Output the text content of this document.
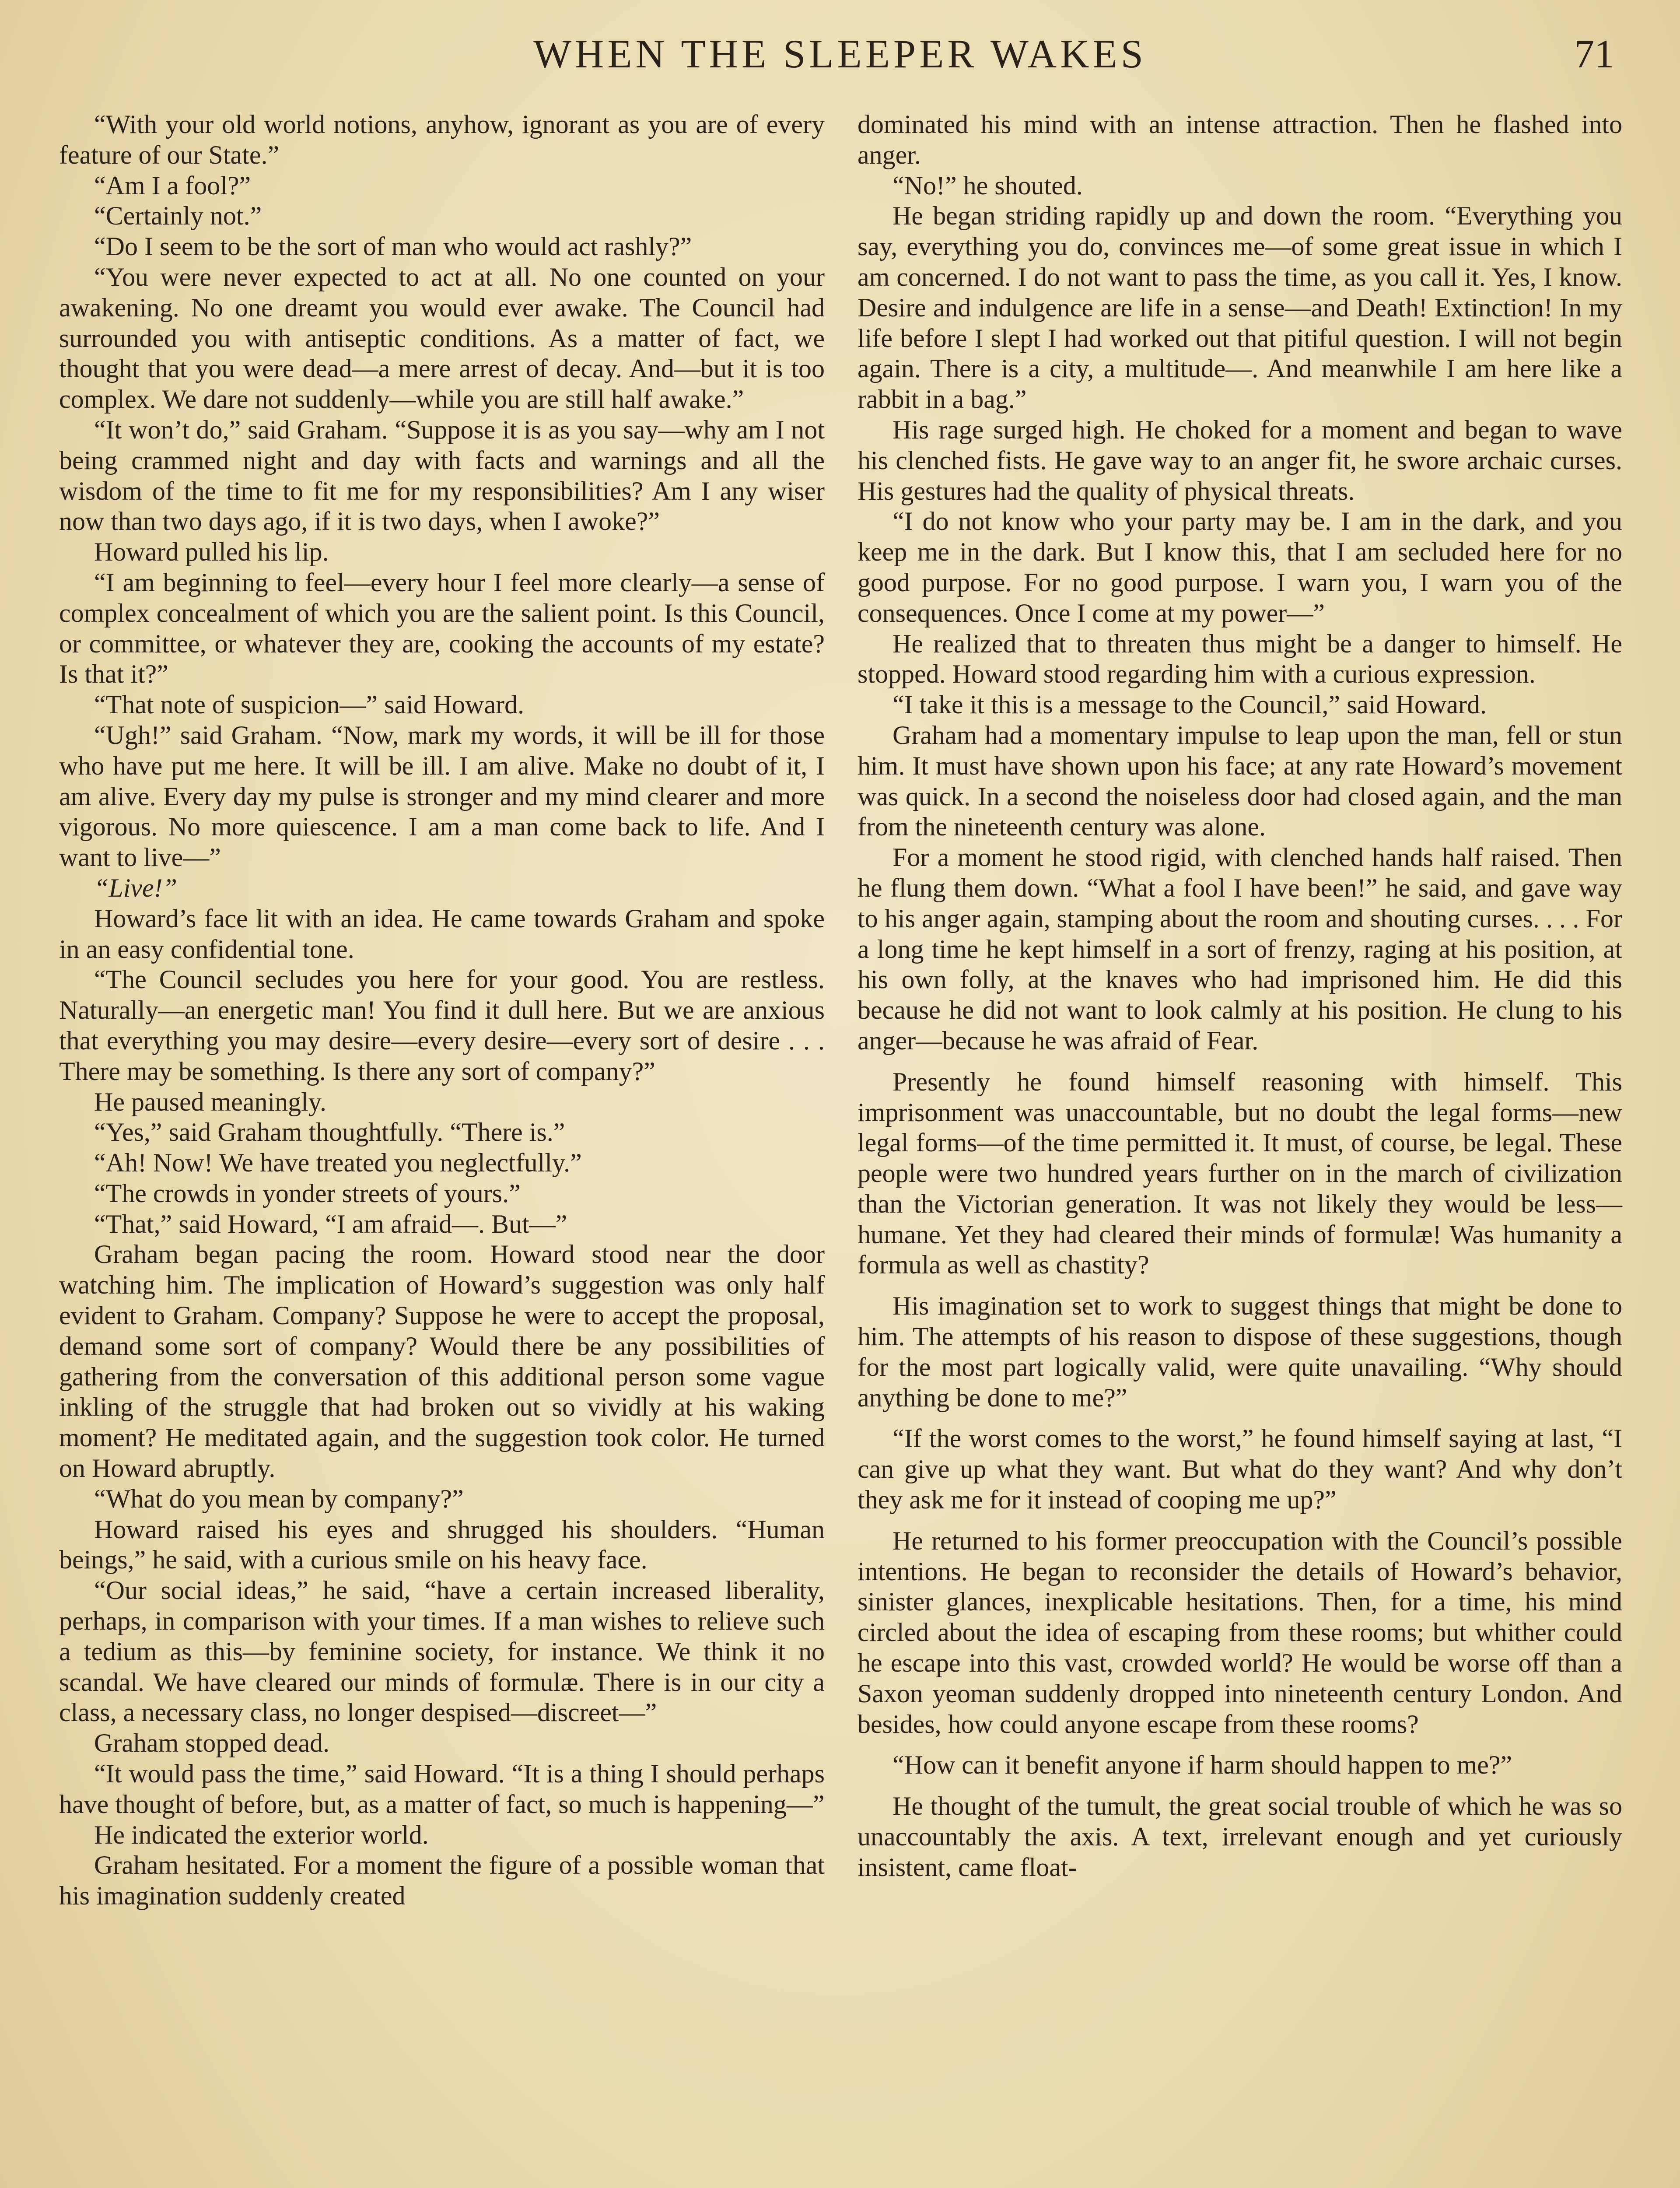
WHEN THE SLEEPER WAKES	71

“With your old world notions, anyhow, ignorant as you are of every feature of our State.”

“Am I a fool?”

“Certainly not.”

“Do I seem to be the sort of man who would act rashly?”

“You were never expected to act at all. No one counted on your awakening. No one dreamt you would ever awake. The Council had surrounded you with antiseptic conditions. As a matter of fact, we thought that you were dead—a mere arrest of decay. And—but it is too complex. We dare not suddenly—while you are still half awake.”

“It won’t do,” said Graham. “Suppose it is as you say—why am I not being crammed night and day with facts and warnings and all the wisdom of the time to fit me for my responsibilities? Am I any wiser now than two days ago, if it is two days, when I awoke?”

Howard pulled his lip.

“I am beginning to feel—every hour I feel more clearly—a sense of complex concealment of which you are the salient point. Is this Council, or committee, or whatever they are, cooking the accounts of my estate? Is that it?”

“That note of suspicion—” said Howard.

“Ugh!” said Graham. “Now, mark my words, it will be ill for those who have put me here. It will be ill. I am alive. Make no doubt of it, I am alive. Every day my pulse is stronger and my mind clearer and more vigorous. No more quiescence. I am a man come back to life. And I want to live—”

“Live!”

Howard’s face lit with an idea. He came towards Graham and spoke in an easy confidential tone.

“The Council secludes you here for your good. You are restless. Naturally—an energetic man! You find it dull here. But we are anxious that everything you may desire—every desire—every sort of desire . . . There may be something. Is there any sort of company?”

He paused meaningly.

“Yes,” said Graham thoughtfully. “There is.”

“Ah! Now! We have treated you neglectfully.”

“The crowds in yonder streets of yours.”

“That,” said Howard, “I am afraid—. But—”

Graham began pacing the room. Howard stood near the door watching him. The implication of Howard’s suggestion was only half evident to Graham. Company? Suppose he were to accept the proposal, demand some sort of company? Would there be any possibilities of gathering from the conversation of this additional person some vague inkling of the struggle that had broken out so vividly at his waking moment? He meditated again, and the suggestion took color. He turned on Howard abruptly.

“What do you mean by company?”

Howard raised his eyes and shrugged his shoulders. “Human beings,” he said, with a curious smile on his heavy face.

“Our social ideas,” he said, “have a certain increased liberality, perhaps, in comparison with your times. If a man wishes to relieve such a tedium as this—by feminine society, for instance. We think it no scandal. We have cleared our minds of formulæ. There is in our city a class, a necessary class, no longer despised—discreet—”

Graham stopped dead.

“It would pass the time,” said Howard. “It is a thing I should perhaps have thought of before, but, as a matter of fact, so much is happening—”

He indicated the exterior world.

Graham hesitated. For a moment the figure of a possible woman that his imagination suddenly created

dominated his mind with an intense attraction. Then he flashed into anger.

“No!” he shouted.

He began striding rapidly up and down the room. “Everything you say, everything you do, convinces me—of some great issue in which I am concerned. I do not want to pass the time, as you call it. Yes, I know. Desire and indulgence are life in a sense—and Death! Extinction! In my life before I slept I had worked out that pitiful question. I will not begin again. There is a city, a multitude—. And meanwhile I am here like a rabbit in a bag.”

His rage surged high. He choked for a moment and began to wave his clenched fists. He gave way to an anger fit, he swore archaic curses. His gestures had the quality of physical threats.

“I do not know who your party may be. I am in the dark, and you keep me in the dark. But I know this, that I am secluded here for no good purpose. For no good purpose. I warn you, I warn you of the consequences. Once I come at my power—”

He realized that to threaten thus might be a danger to himself. He stopped. Howard stood regarding him with a curious expression.

“I take it this is a message to the Council,” said Howard.

Graham had a momentary impulse to leap upon the man, fell or stun him. It must have shown upon his face; at any rate Howard’s movement was quick. In a second the noiseless door had closed again, and the man from the nineteenth century was alone.

For a moment he stood rigid, with clenched hands half raised. Then he flung them down. “What a fool I have been!” he said, and gave way to his anger again, stamping about the room and shouting curses. . . . For a long time he kept himself in a sort of frenzy, raging at his position, at his own folly, at the knaves who had imprisoned him. He did this because he did not want to look calmly at his position. He clung to his anger—because he was afraid of Fear.

Presently he found himself reasoning with himself. This imprisonment was unaccountable, but no doubt the legal forms—new legal forms—of the time permitted it. It must, of course, be legal. These people were two hundred years further on in the march of civilization than the Victorian generation. It was not likely they would be less—humane. Yet they had cleared their minds of formulæ! Was humanity a formula as well as chastity?

His imagination set to work to suggest things that might be done to him. The attempts of his reason to dispose of these suggestions, though for the most part logically valid, were quite unavailing. “Why should anything be done to me?”

“If the worst comes to the worst,” he found himself saying at last, “I can give up what they want. But what do they want? And why don’t they ask me for it instead of cooping me up?”

He returned to his former preoccupation with the Council’s possible intentions. He began to reconsider the details of Howard’s behavior, sinister glances, inexplicable hesitations. Then, for a time, his mind circled about the idea of escaping from these rooms; but whither could he escape into this vast, crowded world? He would be worse off than a Saxon yeoman suddenly dropped into nineteenth century London. And besides, how could anyone escape from these rooms?

“How can it benefit anyone if harm should happen to me?”

He thought of the tumult, the great social trouble of which he was so unaccountably the axis. A text, irrelevant enough and yet curiously insistent, came float-
